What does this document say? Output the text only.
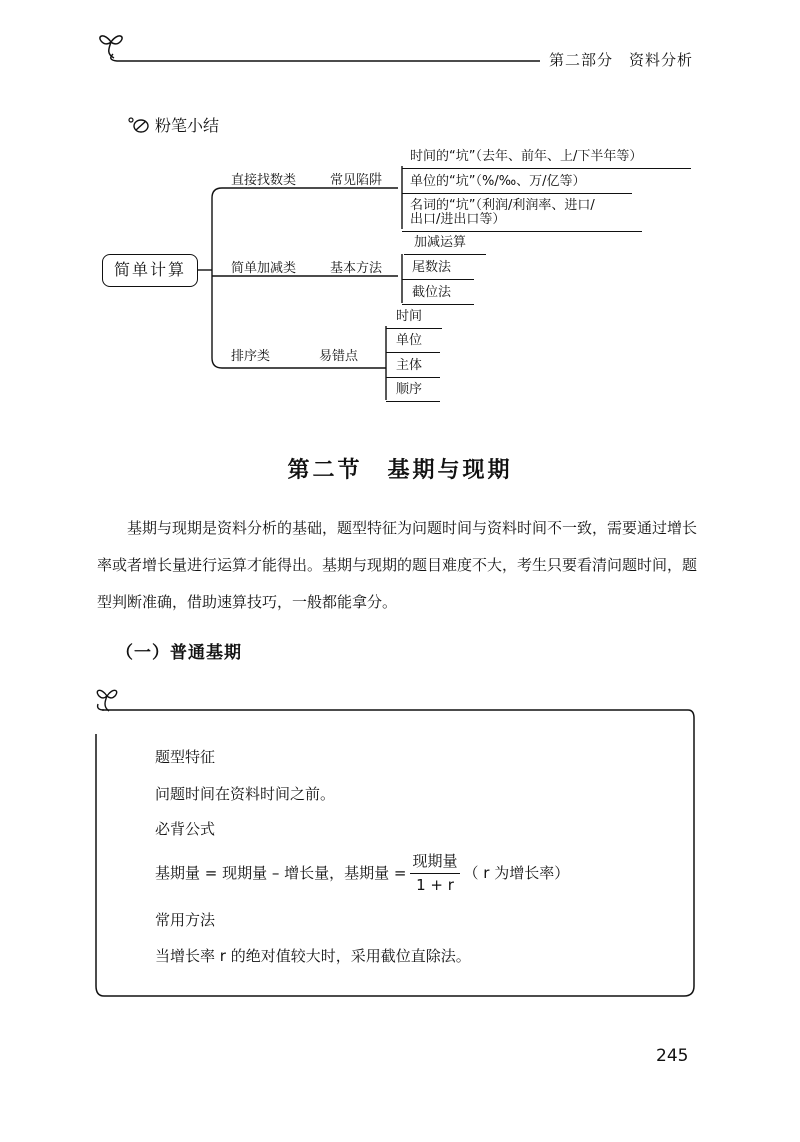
第二部分　资料分析
粉笔小结
简单计算
直接找数类	常见陷阱
简单加减类	基本方法
排序类	易错点
时间的“坑”（去年、前年、上/下半年等）
单位的“坑”（%/‰、万/亿等）
名词的“坑”（利润/利润率、进口/
出口/进出口等）
加减运算
尾数法
截位法
时间
单位
主体
顺序
第二节　基期与现期
基期与现期是资料分析的基础，题型特征为问题时间与资料时间不一致，需要通过增长率或者增长量进行运算才能得出。基期与现期的题目难度不大，考生只要看清问题时间，题型判断准确，借助速算技巧，一般都能拿分。
（一）普通基期
题型特征
问题时间在资料时间之前。
必背公式
基期量 = 现期量 – 增长量，基期量 = $\frac{\text{现期量}}{1 + r}$ （ r 为增长率）
常用方法
当增长率 r 的绝对值较大时，采用截位直除法。
245
